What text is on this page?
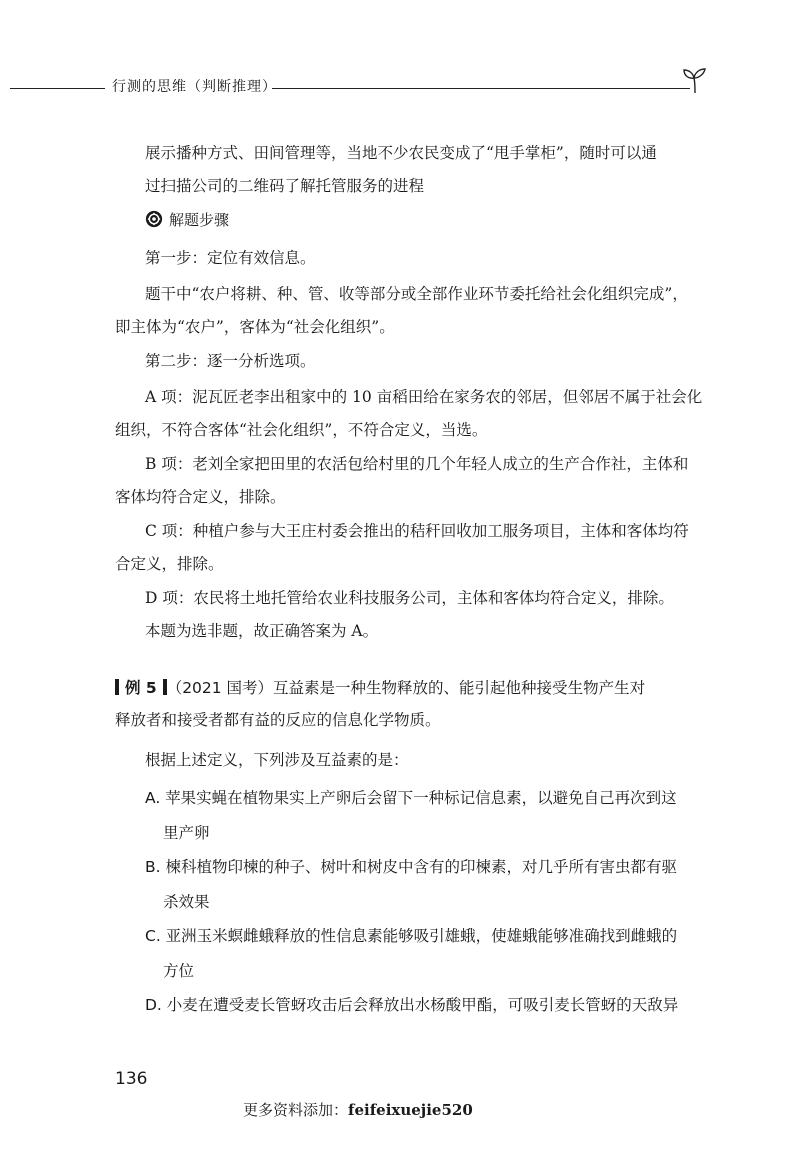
行测的思维（判断推理）

展示播种方式、田间管理等，当地不少农民变成了“甩手掌柜”，随时可以通

过扫描公司的二维码了解托管服务的进程

解题步骤

第一步：定位有效信息。

题干中“农户将耕、种、管、收等部分或全部作业环节委托给社会化组织完成”，

即主体为“农户”，客体为“社会化组织”。

第二步：逐一分析选项。

A 项：泥瓦匠老李出租家中的 10 亩稻田给在家务农的邻居，但邻居不属于社会化

组织，不符合客体“社会化组织”，不符合定义，当选。

B 项：老刘全家把田里的农活包给村里的几个年轻人成立的生产合作社，主体和

客体均符合定义，排除。

C 项：种植户参与大王庄村委会推出的秸秆回收加工服务项目，主体和客体均符

合定义，排除。

D 项：农民将土地托管给农业科技服务公司，主体和客体均符合定义，排除。

本题为选非题，故正确答案为 A。

例 5 （2021 国考）互益素是一种生物释放的、能引起他种接受生物产生对

释放者和接受者都有益的反应的信息化学物质。

根据上述定义，下列涉及互益素的是：

A. 苹果实蝇在植物果实上产卵后会留下一种标记信息素，以避免自己再次到这
里产卵
B. 楝科植物印楝的种子、树叶和树皮中含有的印楝素，对几乎所有害虫都有驱
杀效果
C. 亚洲玉米螟雌蛾释放的性信息素能够吸引雄蛾，使雄蛾能够准确找到雌蛾的
方位
D. 小麦在遭受麦长管蚜攻击后会释放出水杨酸甲酯，可吸引麦长管蚜的天敌异
136
更多资料添加：feifeixuejie520
